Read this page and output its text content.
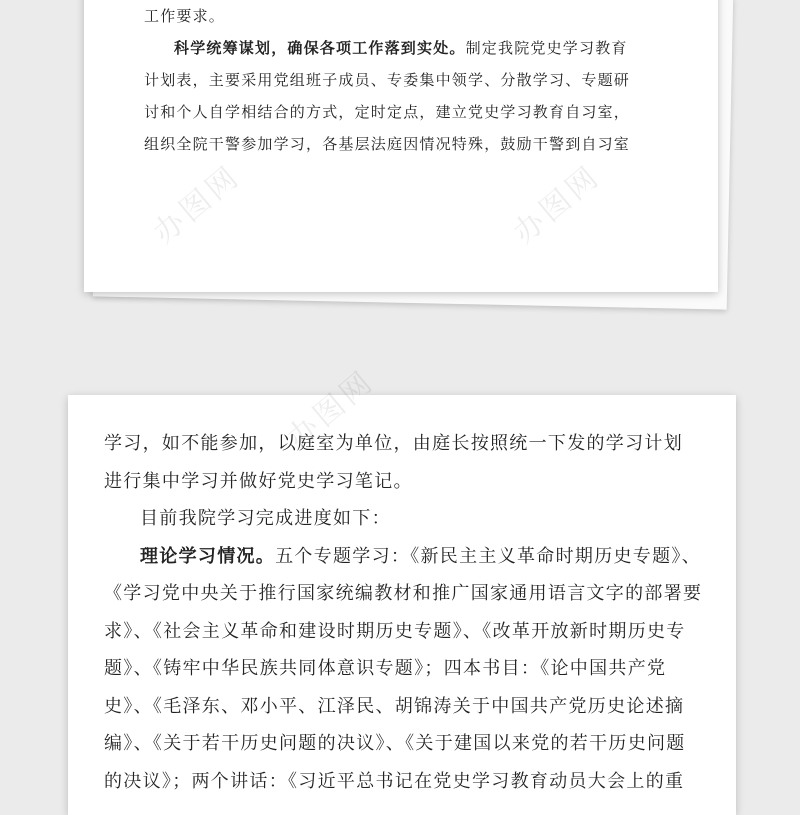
工作要求。

科学统筹谋划，确保各项工作落到实处。制定我院党史学习教育

计划表，主要采用党组班子成员、专委集中领学、分散学习、专题研

讨和个人自学相结合的方式，定时定点，建立党史学习教育自习室，

组织全院干警参加学习，各基层法庭因情况特殊，鼓励干警到自习室

办图网	办图网

学习，如不能参加，以庭室为单位，由庭长按照统一下发的学习计划

进行集中学习并做好党史学习笔记。

目前我院学习完成进度如下：

理论学习情况。五个专题学习：《新民主主义革命时期历史专题》、《学习党中央关于推行国家统编教材和推广国家通用语言文字的部署要求》、《社会主义革命和建设时期历史专题》、《改革开放新时期历史专题》、《铸牢中华民族共同体意识专题》；四本书目：《论中国共产党史》、《毛泽东、邓小平、江泽民、胡锦涛关于中国共产党历史论述摘编》、《关于若干历史问题的决议》、《关于建国以来党的若干历史问题的决议》；两个讲话：《习近平总书记在党史学习教育动员大会上的重

办图网
